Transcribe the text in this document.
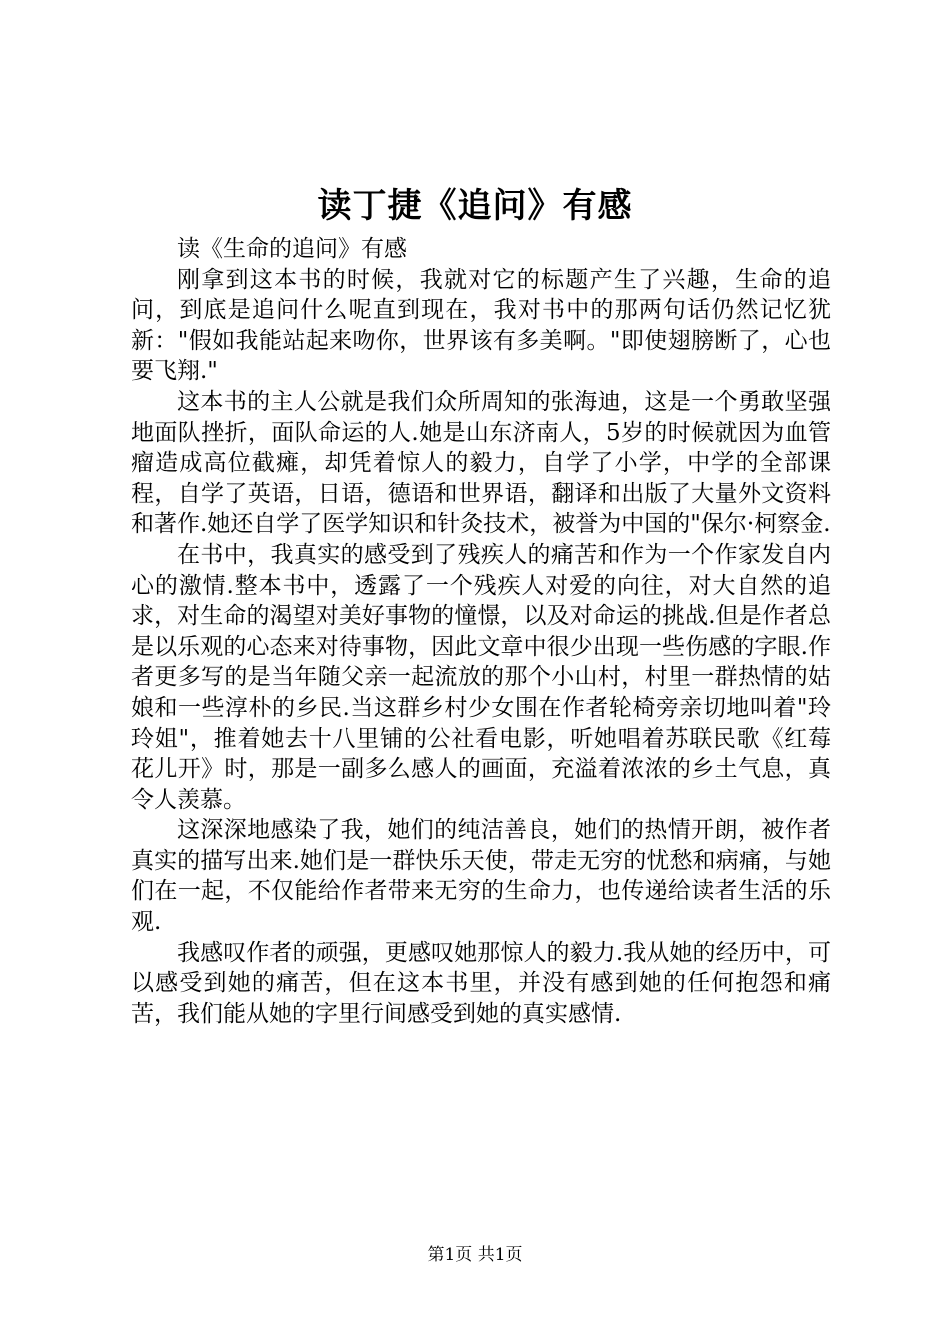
读丁捷《追问》有感

读《生命的追问》有感

刚拿到这本书的时候，我就对它的标题产生了兴趣，生命的追问，到底是追问什么呢直到现在，我对书中的那两句话仍然记忆犹新："假如我能站起来吻你，世界该有多美啊。"即使翅膀断了，心也要飞翔."

这本书的主人公就是我们众所周知的张海迪，这是一个勇敢坚强地面队挫折，面队命运的人.她是山东济南人，5岁的时候就因为血管瘤造成高位截瘫，却凭着惊人的毅力，自学了小学，中学的全部课程，自学了英语，日语，德语和世界语，翻译和出版了大量外文资料和著作.她还自学了医学知识和针灸技术，被誉为中国的"保尔·柯察金.

在书中，我真实的感受到了残疾人的痛苦和作为一个作家发自内心的激情.整本书中，透露了一个残疾人对爱的向往，对大自然的追求，对生命的渴望对美好事物的憧憬，以及对命运的挑战.但是作者总是以乐观的心态来对待事物，因此文章中很少出现一些伤感的字眼.作者更多写的是当年随父亲一起流放的那个小山村，村里一群热情的姑娘和一些淳朴的乡民.当这群乡村少女围在作者轮椅旁亲切地叫着"玲玲姐"，推着她去十八里铺的公社看电影，听她唱着苏联民歌《红莓花儿开》时，那是一副多么感人的画面，充溢着浓浓的乡土气息，真令人羡慕。

这深深地感染了我，她们的纯洁善良，她们的热情开朗，被作者真实的描写出来.她们是一群快乐天使，带走无穷的忧愁和病痛，与她们在一起，不仅能给作者带来无穷的生命力，也传递给读者生活的乐观.

我感叹作者的顽强，更感叹她那惊人的毅力.我从她的经历中，可以感受到她的痛苦，但在这本书里，并没有感到她的任何抱怨和痛苦，我们能从她的字里行间感受到她的真实感情.

第1页 共1页
